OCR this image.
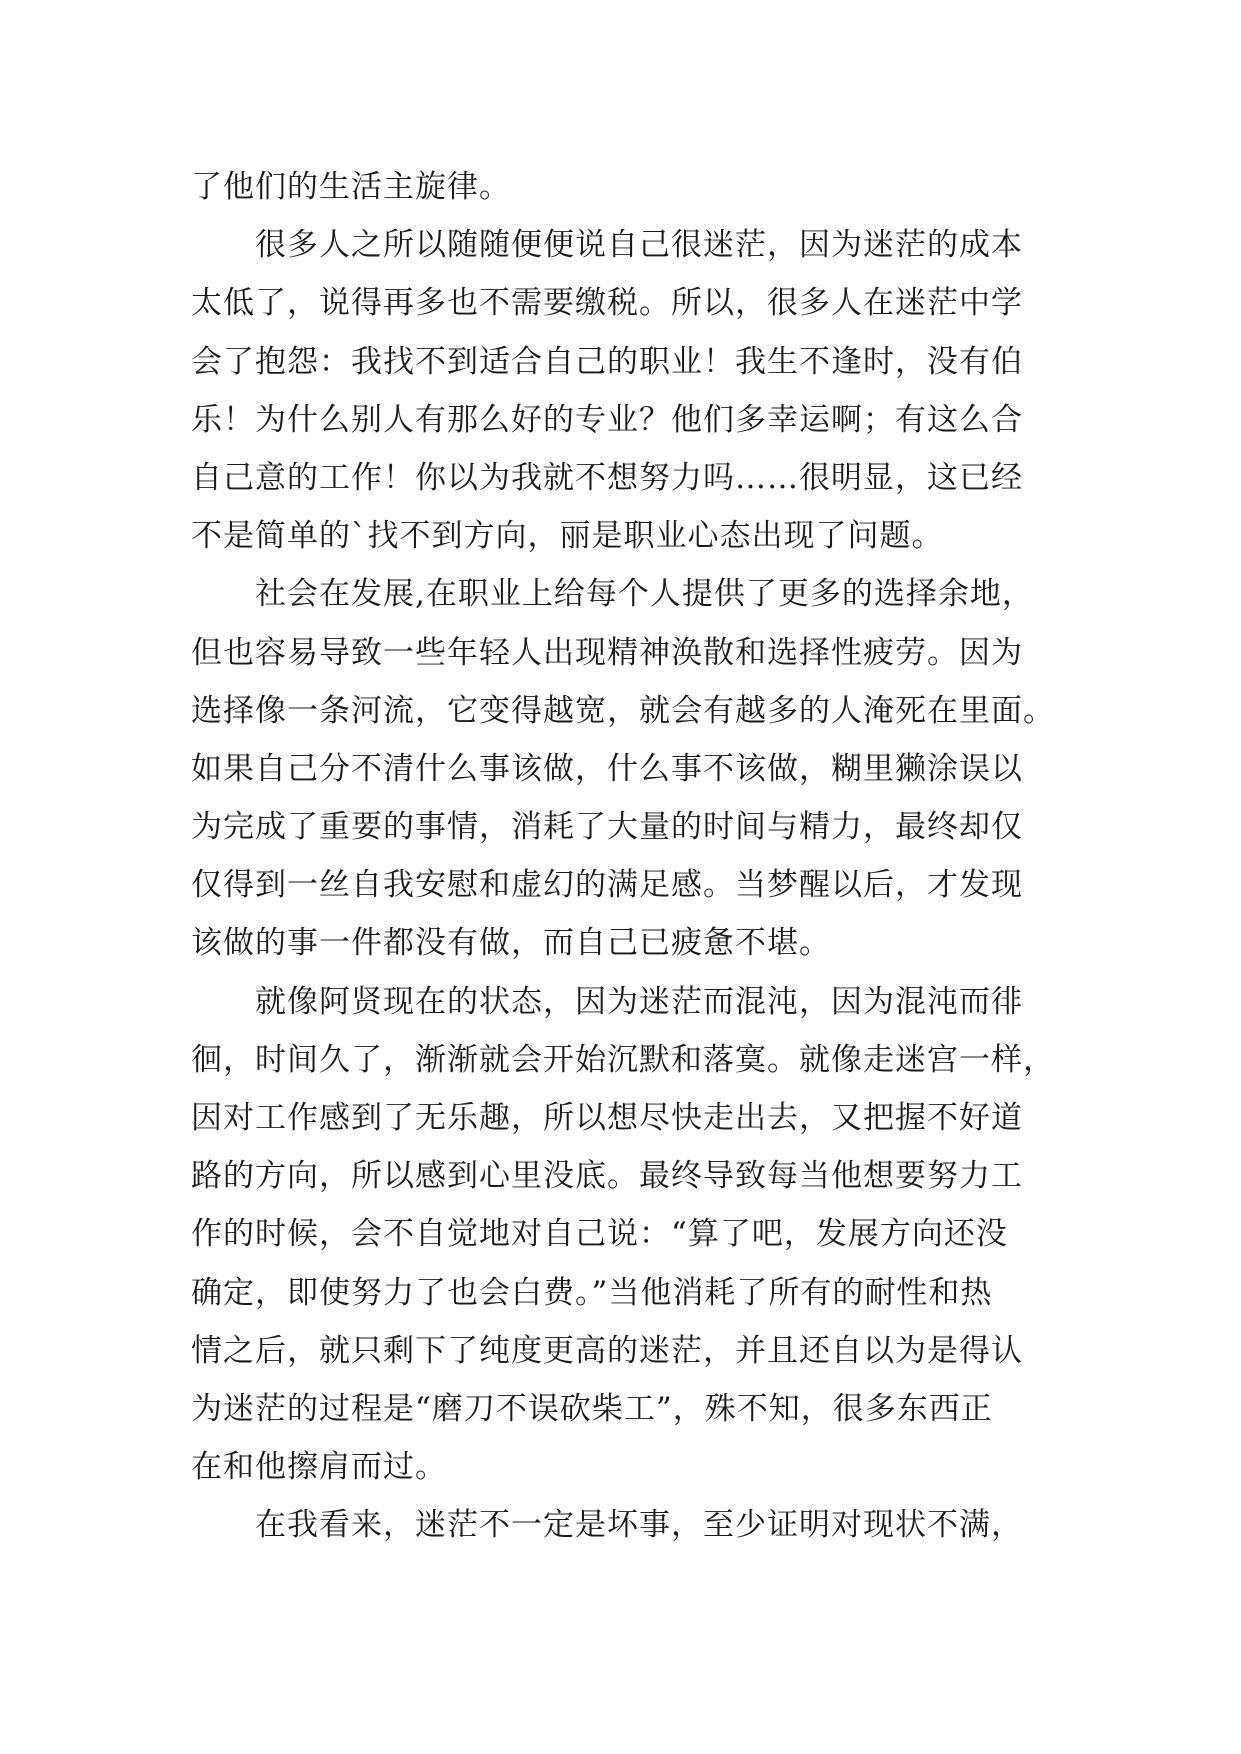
了他们的生活主旋律。
很多人之所以随随便便说自己很迷茫，因为迷茫的成本
太低了，说得再多也不需要缴税。所以，很多人在迷茫中学
会了抱怨：我找不到适合自己的职业！我生不逢时，没有伯
乐！为什么别人有那么好的专业？他们多幸运啊；有这么合
自己意的工作！你以为我就不想努力吗……很明显，这已经
不是简单的`找不到方向，丽是职业心态出现了问题。
社会在发展,在职业上给每个人提供了更多的选择余地，
但也容易导致一些年轻人出现精神涣散和选择性疲劳。因为
选择像一条河流，它变得越宽，就会有越多的人淹死在里面。
如果自己分不清什么事该做，什么事不该做，糊里獭涂误以
为完成了重要的事情，消耗了大量的时间与精力，最终却仅
仅得到一丝自我安慰和虚幻的满足感。当梦醒以后，才发现
该做的事一件都没有做，而自己已疲惫不堪。
就像阿贤现在的状态，因为迷茫而混沌，因为混沌而徘
徊，时间久了，渐渐就会开始沉默和落寞。就像走迷宫一样，
因对工作感到了无乐趣，所以想尽快走出去，又把握不好道
路的方向，所以感到心里没底。最终导致每当他想要努力工
作的时候，会不自觉地对自己说：“算了吧，发展方向还没
确定，即使努力了也会白费。”当他消耗了所有的耐性和热
情之后，就只剩下了纯度更高的迷茫，并且还自以为是得认
为迷茫的过程是“磨刀不误砍柴工”，殊不知，很多东西正
在和他擦肩而过。
在我看来，迷茫不一定是坏事，至少证明对现状不满，
